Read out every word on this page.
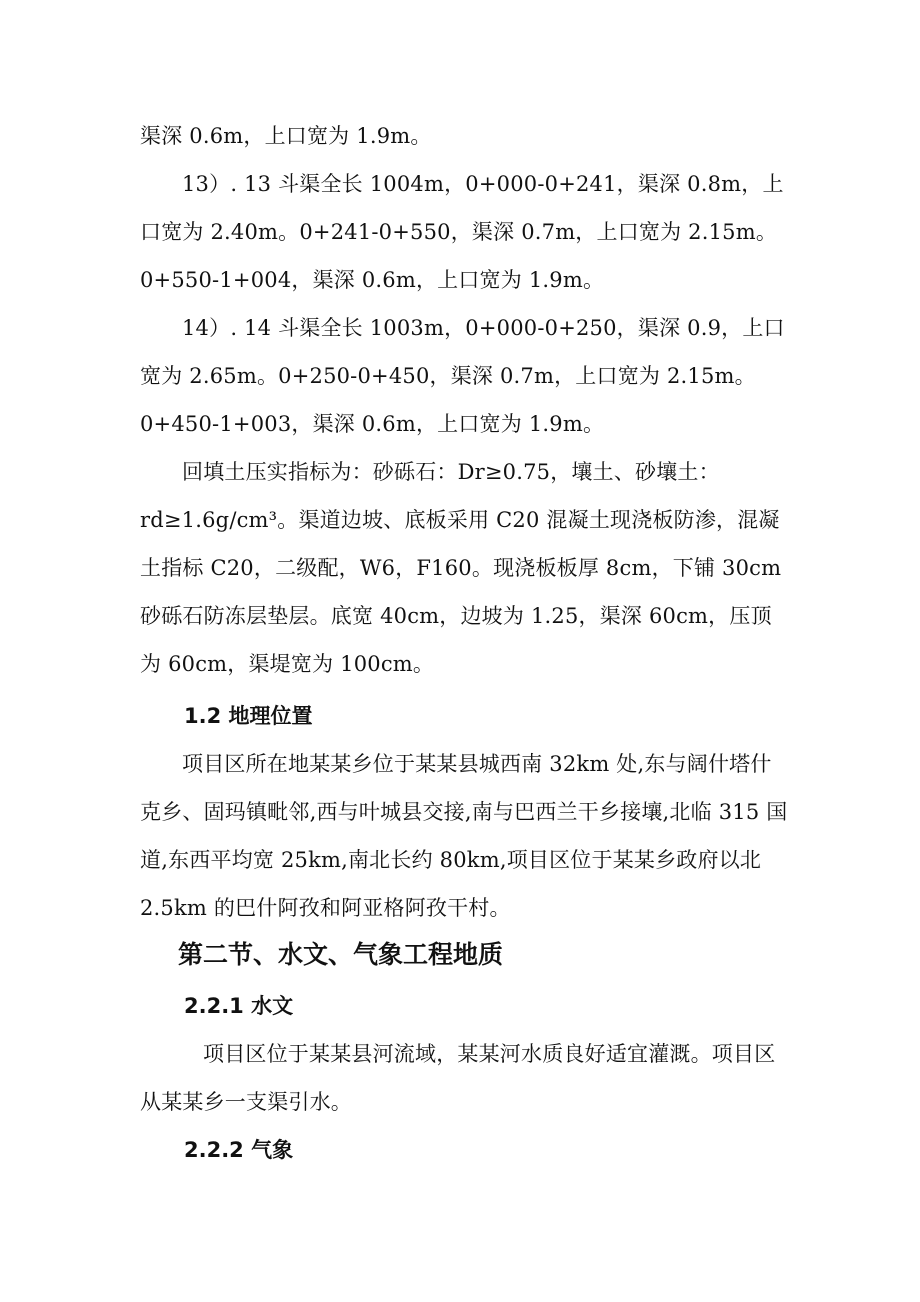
渠深 0.6m，上口宽为 1.9m。

13）. 13 斗渠全长 1004m，0+000-0+241，渠深 0.8m，上口宽为 2.40m。0+241-0+550，渠深 0.7m，上口宽为 2.15m。0+550-1+004，渠深 0.6m，上口宽为 1.9m。

14）. 14 斗渠全长 1003m，0+000-0+250，渠深 0.9，上口宽为 2.65m。0+250-0+450，渠深 0.7m，上口宽为 2.15m。0+450-1+003，渠深 0.6m，上口宽为 1.9m。

回填土压实指标为：砂砾石：Dr≥0.75，壤土、砂壤土：rd≥1.6g/cm³。渠道边坡、底板采用 C20 混凝土现浇板防渗，混凝土指标 C20，二级配，W6，F160。现浇板板厚 8cm，下铺 30cm 砂砾石防冻层垫层。底宽 40cm，边坡为 1.25，渠深 60cm，压顶为 60cm，渠堤宽为 100cm。

1.2 地理位置

项目区所在地某某乡位于某某县城西南 32km 处,东与阔什塔什克乡、固玛镇毗邻,西与叶城县交接,南与巴西兰干乡接壤,北临 315 国道,东西平均宽 25km,南北长约 80km,项目区位于某某乡政府以北 2.5km 的巴什阿孜和阿亚格阿孜干村。

第二节、水文、气象工程地质
2.2.1 水文

项目区位于某某县河流域，某某河水质良好适宜灌溉。项目区从某某乡一支渠引水。

2.2.2 气象
